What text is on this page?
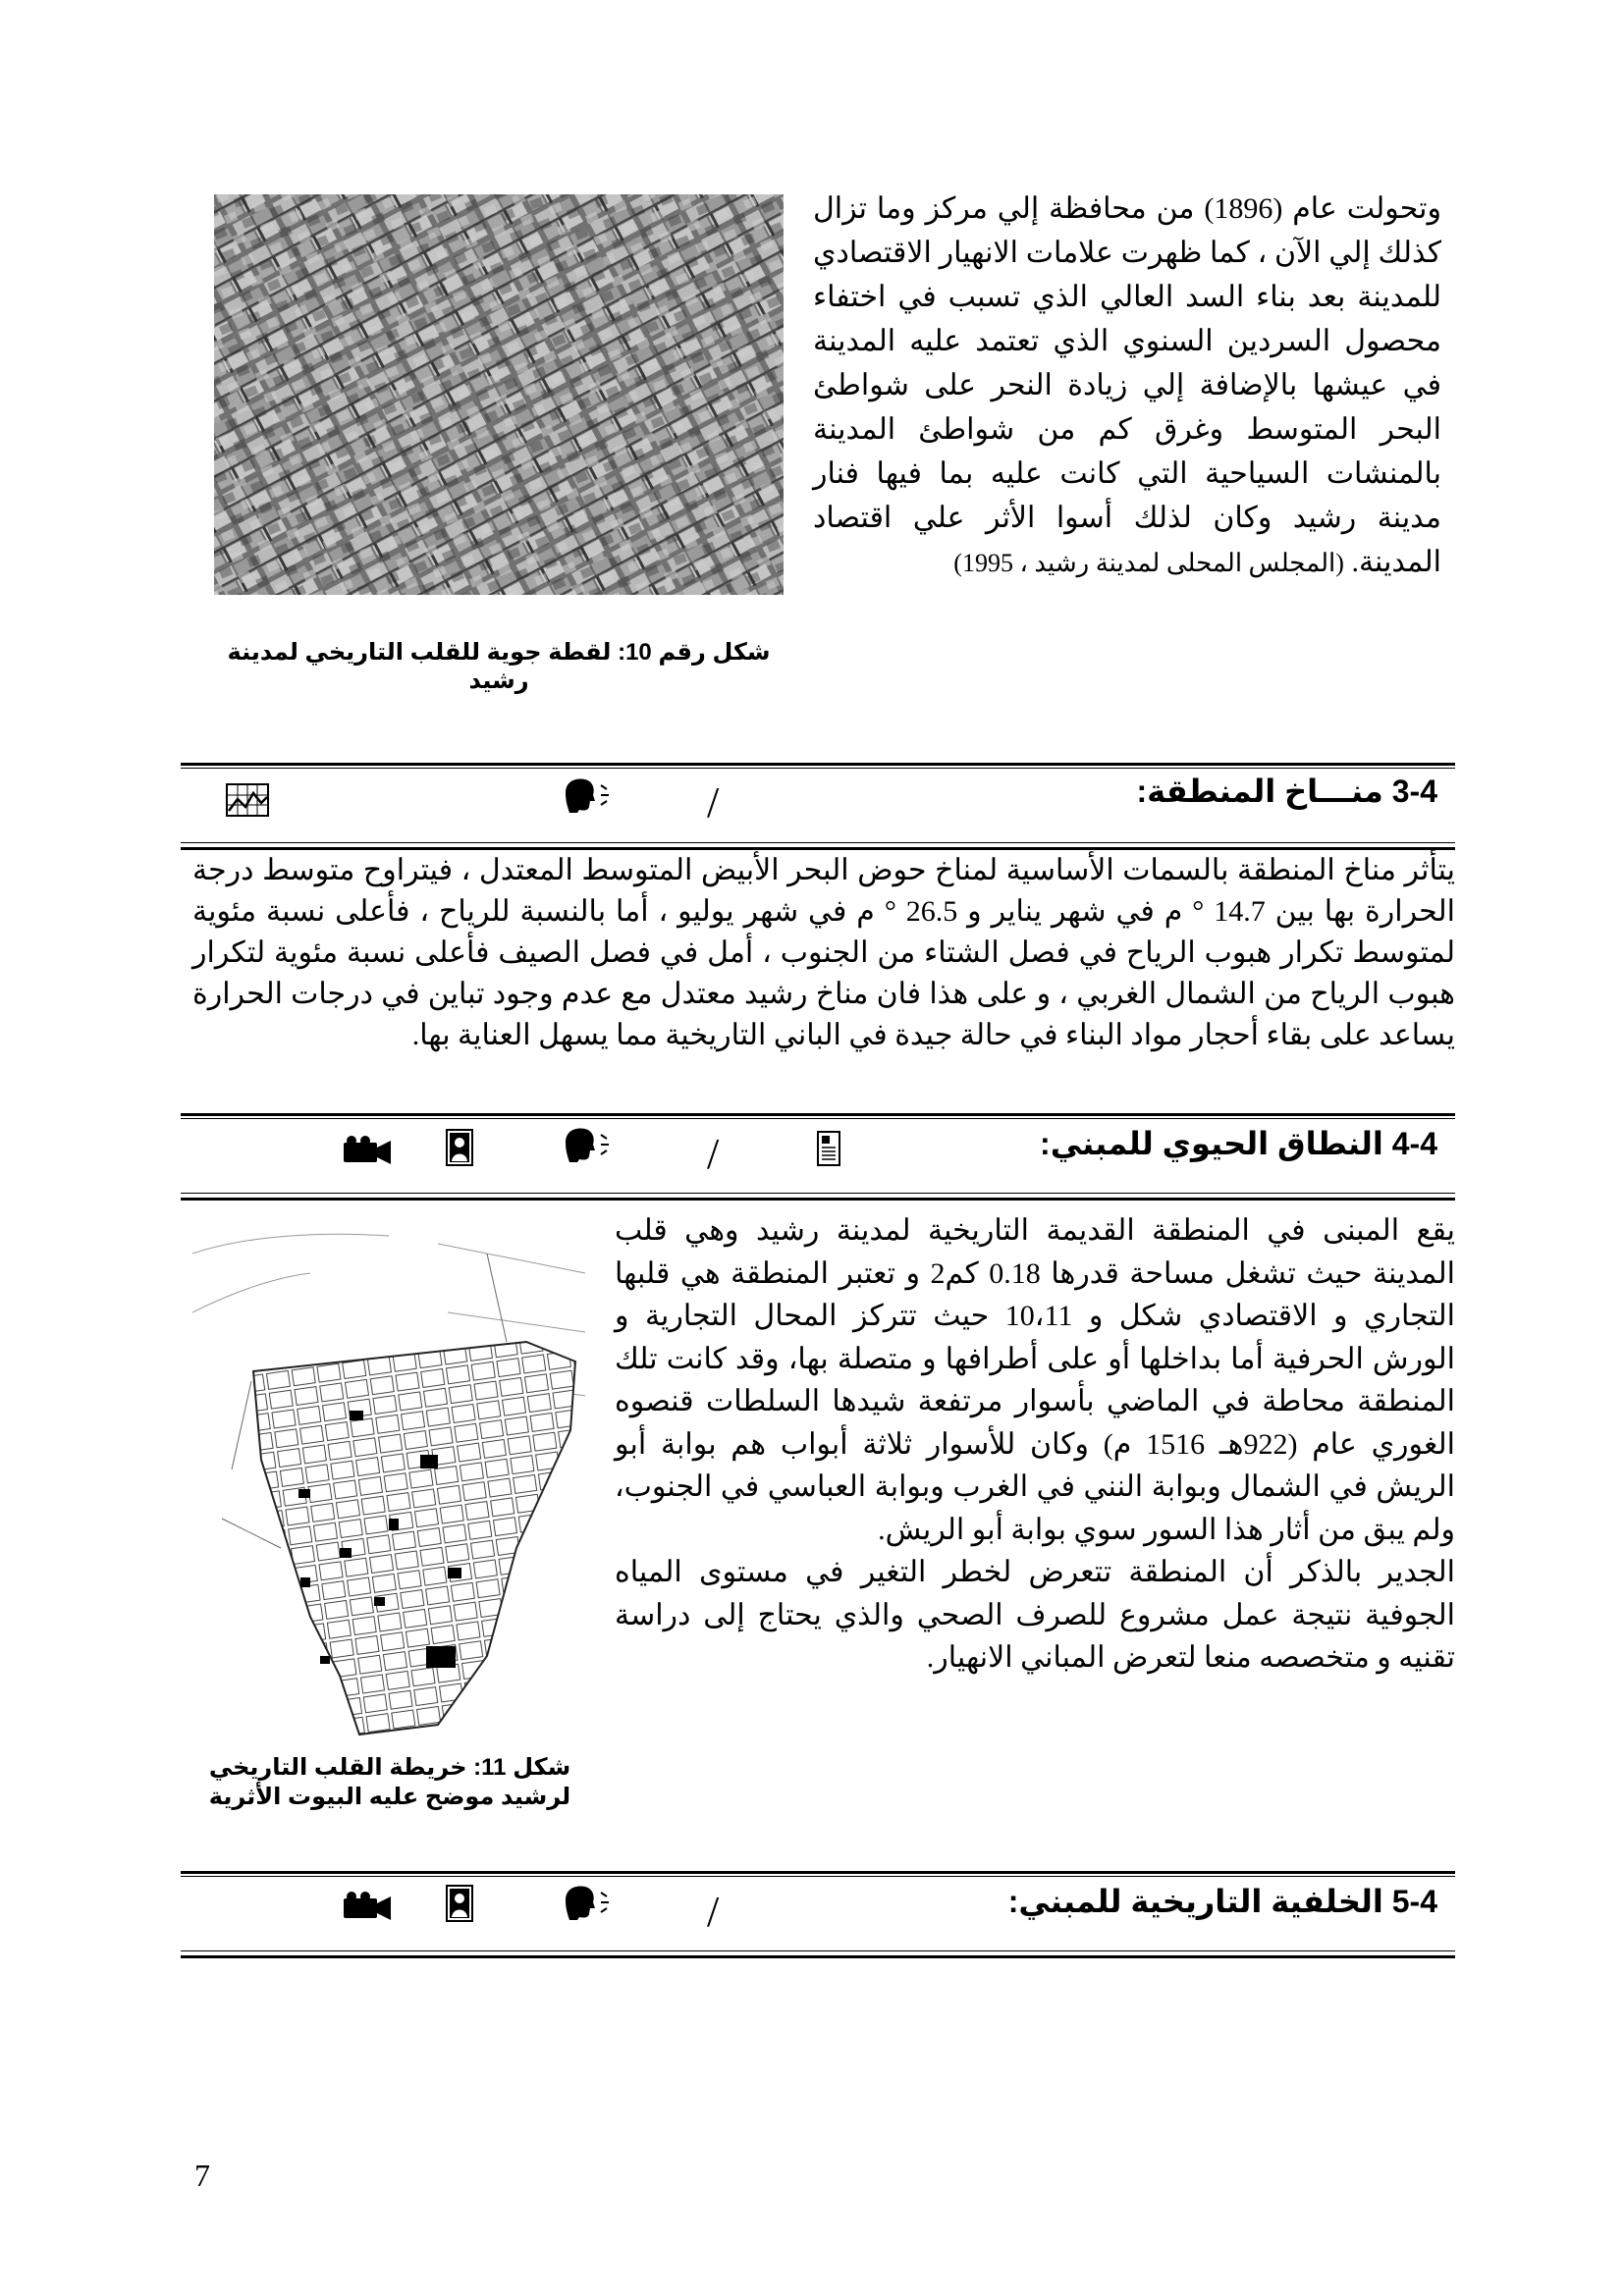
وتحولت عام (1896) من محافظة إلي مركز وما تزال كذلك إلي الآن ، كما ظهرت علامات الانهيار الاقتصادي للمدينة بعد بناء السد العالي الذي تسبب في اختفاء محصول السردين السنوي الذي تعتمد عليه المدينة في عيشها بالإضافة إلي زيادة النحر على شواطئ البحر المتوسط وغرق كم من شواطئ المدينة بالمنشات السياحية التي كانت عليه بما فيها فنار مدينة رشيد وكان لذلك أسوا الأثر علي اقتصاد المدينة. (المجلس المحلى لمدينة رشيد ، 1995)
شكل رقم 10: لقطة جوية للقلب التاريخي لمدينة رشيد
3-4 منـــاخ المنطقة:
/
يتأثر مناخ المنطقة بالسمات الأساسية لمناخ حوض البحر الأبيض المتوسط المعتدل ، فيتراوح متوسط درجة الحرارة بها بين 14.7 ° م في شهر يناير و 26.5 ° م في شهر يوليو ، أما بالنسبة للرياح ، فأعلى نسبة مئوية لمتوسط تكرار هبوب الرياح في فصل الشتاء من الجنوب ، أمل في فصل الصيف فأعلى نسبة مئوية لتكرار هبوب الرياح من الشمال الغربي ، و على هذا فان مناخ رشيد معتدل مع عدم وجود تباين في درجات الحرارة يساعد على بقاء أحجار مواد البناء في حالة جيدة في الباني التاريخية مما يسهل العناية بها.
4-4 النطاق الحيوي للمبني:
/
يقع المبنى في المنطقة القديمة التاريخية لمدينة رشيد وهي قلب المدينة حيث تشغل مساحة قدرها 0.18 كم2 و تعتبر المنطقة هي قلبها التجاري و الاقتصادي شكل و 10،11 حيث تتركز المحال التجارية و الورش الحرفية أما بداخلها أو على أطرافها و متصلة بها، وقد كانت تلك المنطقة محاطة في الماضي بأسوار مرتفعة شيدها السلطات قنصوه الغوري عام (922هـ 1516 م) وكان للأسوار ثلاثة أبواب هم بوابة أبو الريش في الشمال وبوابة النني في الغرب وبوابة العباسي في الجنوب، ولم يبق من أثار هذا السور سوي بوابة أبو الريش.
الجدير بالذكر أن المنطقة تتعرض لخطر التغير في مستوى المياه الجوفية نتيجة عمل مشروع للصرف الصحي والذي يحتاج إلى دراسة تقنيه و متخصصه منعا لتعرض المباني الانهيار.
شكل 11: خريطة القلب التاريخي
لرشيد موضح عليه البيوت الأثرية
5-4 الخلفية التاريخية للمبني:
/
7
